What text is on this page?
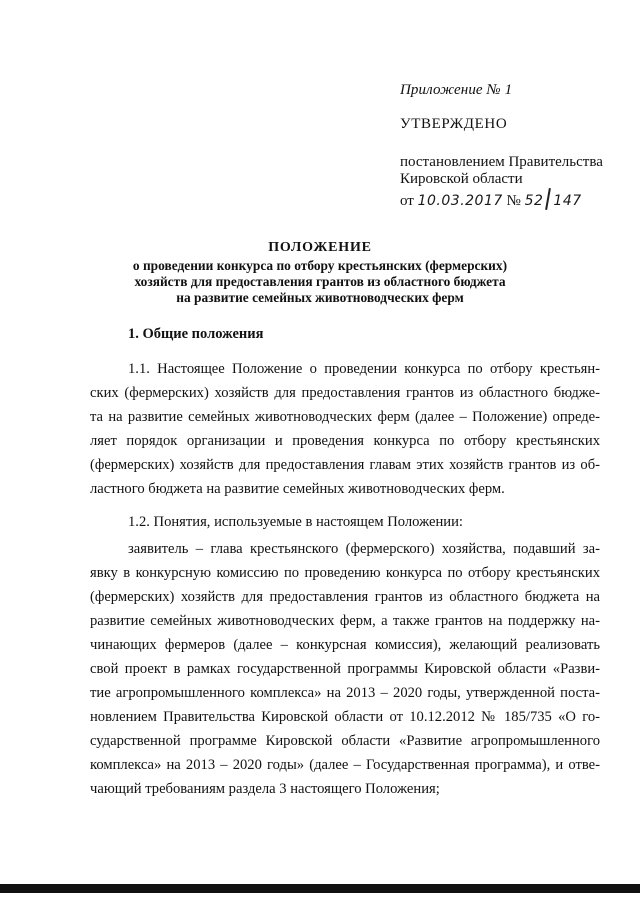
Приложение № 1
УТВЕРЖДЕНО
постановлением Правительства
Кировской области
от 10.03.2017 № 52 147
ПОЛОЖЕНИЕ
о проведении конкурса по отбору крестьянских (фермерских)
хозяйств для предоставления грантов из областного бюджета
на развитие семейных животноводческих ферм
1. Общие положения
1.1. Настоящее Положение о проведении конкурса по отбору крестьян-
ских (фермерских) хозяйств для предоставления грантов из областного бюдже-
та на развитие семейных животноводческих ферм (далее – Положение) опреде-
ляет порядок организации и проведения конкурса по отбору крестьянских
(фермерских) хозяйств для предоставления главам этих хозяйств грантов из об-
ластного бюджета на развитие семейных животноводческих ферм.
1.2. Понятия, используемые в настоящем Положении:
заявитель – глава крестьянского (фермерского) хозяйства, подавший за-
явку в конкурсную комиссию по проведению конкурса по отбору крестьянских
(фермерских) хозяйств для предоставления грантов из областного бюджета на
развитие семейных животноводческих ферм, а также грантов на поддержку на-
чинающих фермеров (далее – конкурсная комиссия), желающий реализовать
свой проект в рамках государственной программы Кировской области «Разви-
тие агропромышленного комплекса» на 2013 – 2020 годы, утвержденной поста-
новлением Правительства Кировской области от 10.12.2012 № 185/735 «О го-
сударственной программе Кировской области «Развитие агропромышленного
комплекса» на 2013 – 2020 годы» (далее – Государственная программа), и отве-
чающий требованиям раздела 3 настоящего Положения;
